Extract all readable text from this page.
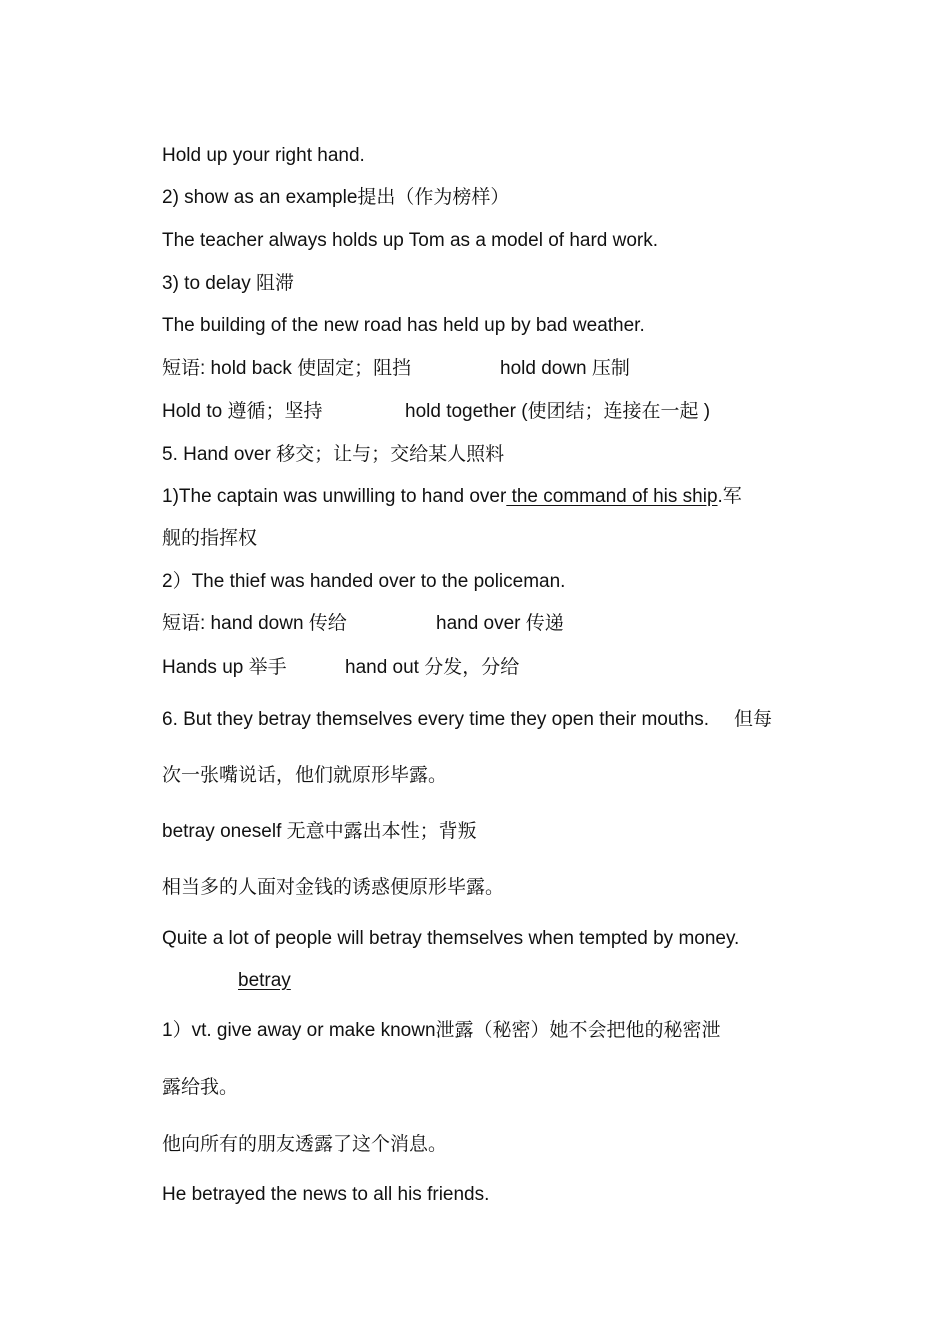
Hold up your right hand.
2) show as an example提出（作为榜样）
The teacher always holds up Tom as a model of hard work.
3) to delay 阻滞
The building of the new road has held up by bad weather.
短语: hold back 使固定；阻挡	hold down 压制
Hold to 遵循；坚持	hold together (使团结；连接在一起 )
5. Hand over 移交；让与；交给某人照料
1)The captain was unwilling to hand over the command of his ship.军
舰的指挥权
2）The thief was handed over to the policeman.
短语: hand down 传给	hand over 传递
Hands up 举手	hand out 分发，分给
6. But they betray themselves every time they open their mouths. 但每
次一张嘴说话，他们就原形毕露。
betray oneself 无意中露出本性；背叛
相当多的人面对金钱的诱惑便原形毕露。
Quite a lot of people will betray themselves when tempted by money.
betray
1）vt. give away or make known泄露（秘密）她不会把他的秘密泄
露给我。
他向所有的朋友透露了这个消息。
He betrayed the news to all his friends.
